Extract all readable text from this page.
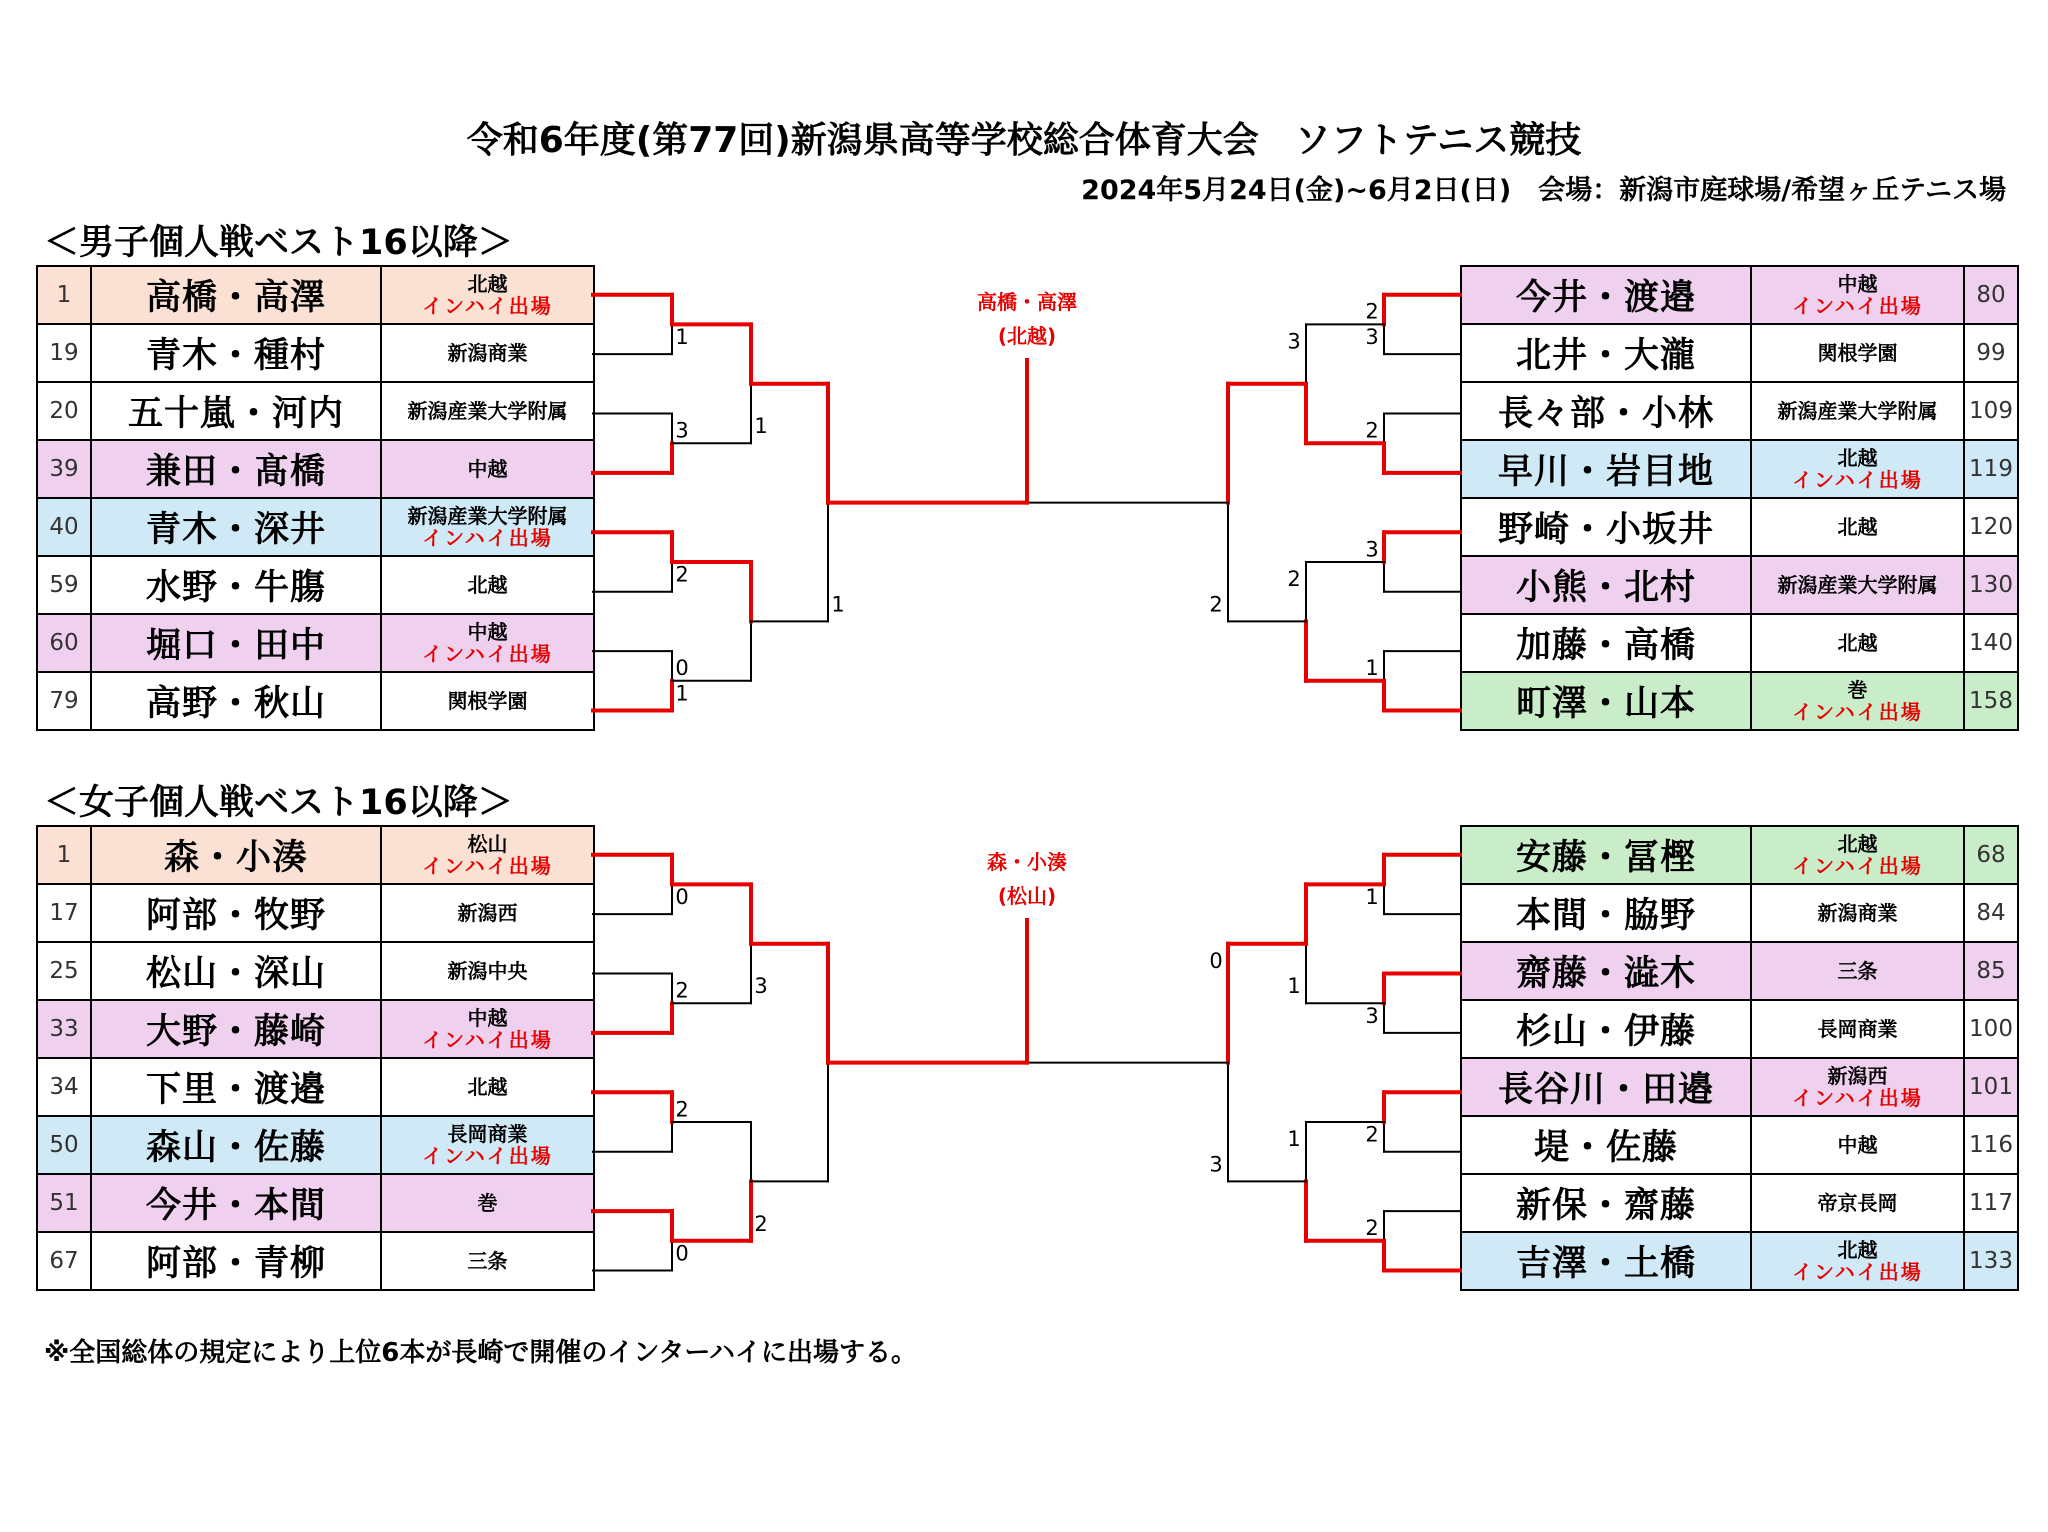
令和6年度(第77回)新潟県高等学校総合体育大会　ソフトテニス競技
2024年5月24日(金)~6月2日(日)　会場：新潟市庭球場/希望ヶ丘テニス場
＜男子個人戦ベスト16以降＞
＜女子個人戦ベスト16以降＞
1	高橋・高澤	北越
インハイ出場

19	青木・種村	新潟商業

20	五十嵐・河内	新潟産業大学附属

39	兼田・髙橋	中越

40	青木・深井	新潟産業大学附属
インハイ出場

59	水野・牛膓	北越

60	堀口・田中	中越
インハイ出場

79	高野・秋山	関根学園
今井・渡邉	中越
インハイ出場	80
北井・大瀧	関根学園	99
長々部・小林	新潟産業大学附属	109
早川・岩目地	北越
インハイ出場	119
野崎・小坂井	北越	120
小熊・北村	新潟産業大学附属	130
加藤・高橋	北越	140
町澤・山本	巻
インハイ出場	158
1	森・小湊	松山
インハイ出場

17	阿部・牧野	新潟西

25	松山・深山	新潟中央

33	大野・藤崎	中越
インハイ出場

34	下里・渡邉	北越

50	森山・佐藤	長岡商業
インハイ出場

51	今井・本間	巻

67	阿部・青柳	三条
安藤・冨樫	北越
インハイ出場	68
本間・脇野	新潟商業	84
齋藤・澁木	三条	85
杉山・伊藤	長岡商業	100
長谷川・田邉	新潟西
インハイ出場	101
堤・佐藤	中越	116
新保・齋藤	帝京長岡	117
吉澤・土橋	北越
インハイ出場	133
1
3
2
0
1
1
1
2
3
2
3
1
3
2
2
0
2
2
0
3
2
1
3
2
2
1
1
0
3
高橋・高澤
(北越)
森・小湊
(松山)
※全国総体の規定により上位6本が長崎で開催のインターハイに出場する。
